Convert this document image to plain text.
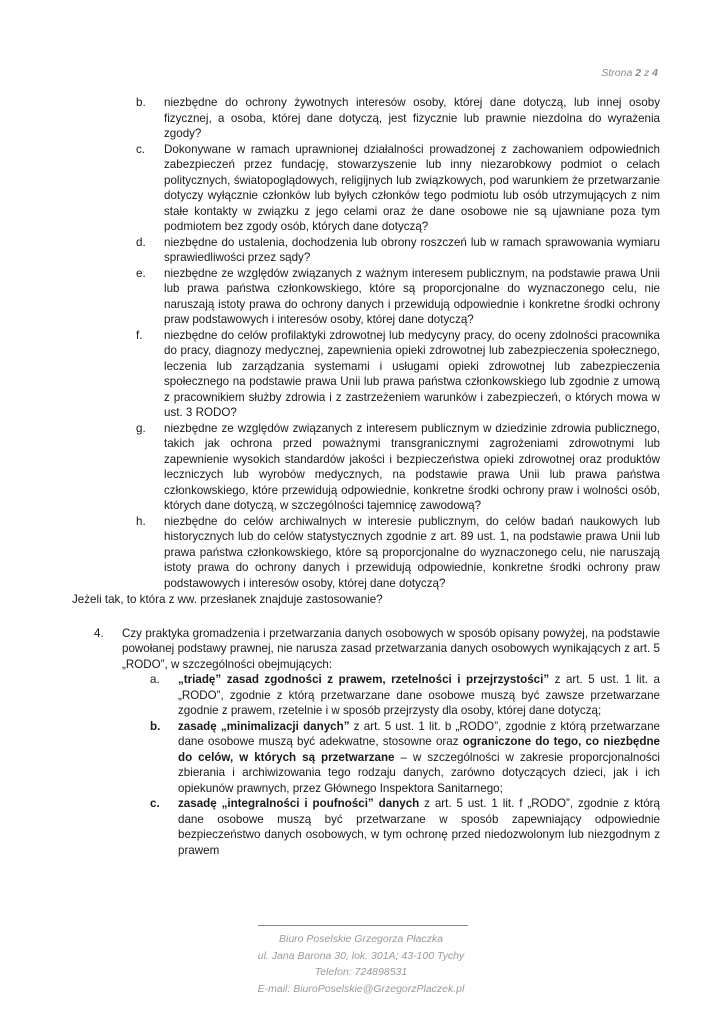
Strona 2 z 4
b.	niezbędne do ochrony żywotnych interesów osoby, której dane dotyczą, lub innej osoby fizycznej, a osoba, której dane dotyczą, jest fizycznie lub prawnie niezdolna do wyrażenia zgody?
c.	Dokonywane w ramach uprawnionej działalności prowadzonej z zachowaniem odpowiednich zabezpieczeń przez fundację, stowarzyszenie lub inny niezarobkowy podmiot o celach politycznych, światopoglądowych, religijnych lub związkowych, pod warunkiem że przetwarzanie dotyczy wyłącznie członków lub byłych członków tego podmiotu lub osób utrzymujących z nim stałe kontakty w związku z jego celami oraz że dane osobowe nie są ujawniane poza tym podmiotem bez zgody osób, których dane dotyczą?
d.	niezbędne do ustalenia, dochodzenia lub obrony roszczeń lub w ramach sprawowania wymiaru sprawiedliwości przez sądy?
e.	niezbędne ze względów związanych z ważnym interesem publicznym, na podstawie prawa Unii lub prawa państwa członkowskiego, które są proporcjonalne do wyznaczonego celu, nie naruszają istoty prawa do ochrony danych i przewidują odpowiednie i konkretne środki ochrony praw podstawowych i interesów osoby, której dane dotyczą?
f.	niezbędne do celów profilaktyki zdrowotnej lub medycyny pracy, do oceny zdolności pracownika do pracy, diagnozy medycznej, zapewnienia opieki zdrowotnej lub zabezpieczenia społecznego, leczenia lub zarządzania systemami i usługami opieki zdrowotnej lub zabezpieczenia społecznego na podstawie prawa Unii lub prawa państwa członkowskiego lub zgodnie z umową z pracownikiem służby zdrowia i z zastrzeżeniem warunków i zabezpieczeń, o których mowa w ust. 3 RODO?
g.	niezbędne ze względów związanych z interesem publicznym w dziedzinie zdrowia publicznego, takich jak ochrona przed poważnymi transgranicznymi zagrożeniami zdrowotnymi lub zapewnienie wysokich standardów jakości i bezpieczeństwa opieki zdrowotnej oraz produktów leczniczych lub wyrobów medycznych, na podstawie prawa Unii lub prawa państwa członkowskiego, które przewidują odpowiednie, konkretne środki ochrony praw i wolności osób, których dane dotyczą, w szczególności tajemnicę zawodową?
h.	niezbędne do celów archiwalnych w interesie publicznym, do celów badań naukowych lub historycznych lub do celów statystycznych zgodnie z art. 89 ust. 1, na podstawie prawa Unii lub prawa państwa członkowskiego, które są proporcjonalne do wyznaczonego celu, nie naruszają istoty prawa do ochrony danych i przewidują odpowiednie, konkretne środki ochrony praw podstawowych i interesów osoby, której dane dotyczą?
Jeżeli tak, to która z ww. przesłanek znajduje zastosowanie?
4.	Czy praktyka gromadzenia i przetwarzania danych osobowych w sposób opisany powyżej, na podstawie powołanej podstawy prawnej, nie narusza zasad przetwarzania danych osobowych wynikających z art. 5 „RODO”, w szczególności obejmujących:
a.	„triadę” zasad zgodności z prawem, rzetelności i przejrzystości” z art. 5 ust. 1 lit. a „RODO”, zgodnie z którą przetwarzane dane osobowe muszą być zawsze przetwarzane zgodnie z prawem, rzetelnie i w sposób przejrzysty dla osoby, której dane dotyczą;
b.	zasadę „minimalizacji danych” z art. 5 ust. 1 lit. b „RODO”, zgodnie z którą przetwarzane dane osobowe muszą być adekwatne, stosowne oraz ograniczone do tego, co niezbędne do celów, w których są przetwarzane – w szczególności w zakresie proporcjonalności zbierania i archiwizowania tego rodzaju danych, zarówno dotyczących dzieci, jak i ich opiekunów prawnych, przez Głównego Inspektora Sanitarnego;
c.	zasadę „integralności i poufności” danych z art. 5 ust. 1 lit. f „RODO”, zgodnie z którą dane osobowe muszą być przetwarzane w sposób zapewniający odpowiednie bezpieczeństwo danych osobowych, w tym ochronę przed niedozwolonym lub niezgodnym z prawem
Biuro Poselskie Grzegorza Płaczka
ul. Jana Barona 30, lok. 301A; 43-100 Tychy
Telefon: 724898531
E-mail: BiuroPoselskie@GrzegorzPlaczek.pl
